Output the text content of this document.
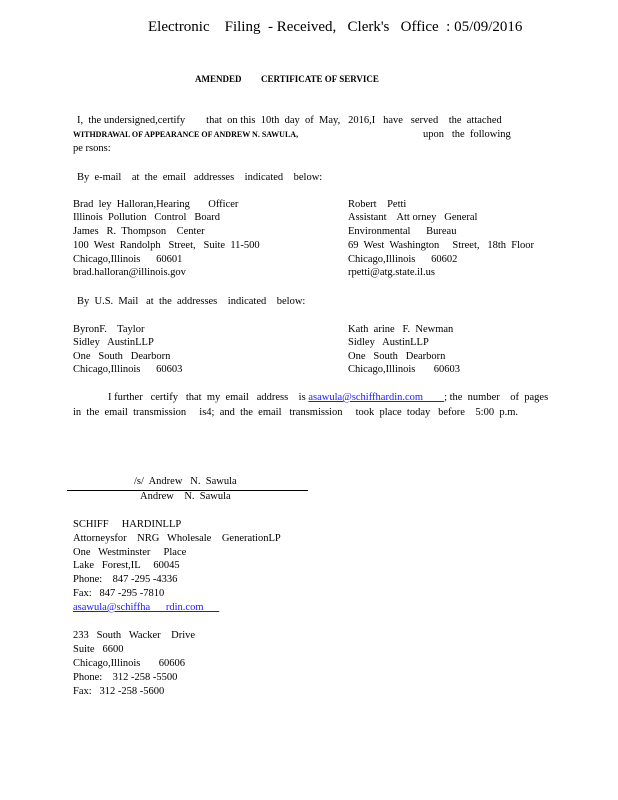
Electronic    Filing  - Received,   Clerk's   Office  : 05/09/2016
AMENDED CERTIFICATE OF SERVICE
I,  the undersigned,certify        that  on this  10th  day  of  May,   2016,I   have   served    the  attached
WITHDRAWAL OF APPEARANCE OF ANDREW N. SAWULA,	upon   the  following
pe rsons:
By  e-mail    at  the  email   addresses    indicated    below:
Brad  ley  Halloran,Hearing       Officer
Illinois  Pollution   Control   Board
James   R.  Thompson    Center
100  West  Randolph   Street,   Suite  11-500
Chicago,Illinois      60601
brad.halloran@illinois.gov
Robert    Petti
Assistant    Att orney   General
Environmental      Bureau
69  West  Washington     Street,   18th  Floor
Chicago,Illinois      60602
rpetti@atg.state.il.us
By  U.S.  Mail   at  the  addresses    indicated    below:
ByronF.    Taylor
Sidley   AustinLLP
One   South   Dearborn
Chicago,Illinois      60603
Kath  arine   F.  Newman
Sidley   AustinLLP
One   South   Dearborn
Chicago,Illinois       60603
I further   certify   that  my  email   address    is asawula@schiffhardin.com        ; the  number    of  pages
in  the  email  transmission     is4;  and  the  email   transmission     took  place  today   before    5:00  p.m.
/s/  Andrew   N.  Sawula
Andrew    N.  Sawula
SCHIFF     HARDINLLP
Attorneysfor    NRG   Wholesale    GenerationLP
One   Westminster     Place
Lake   Forest,IL     60045
Phone:    847 -295 -4336
Fax:   847 -295 -7810
asawula@schiffha      rdin.com
233   South   Wacker    Drive
Suite   6600
Chicago,Illinois       60606
Phone:    312 -258 -5500
Fax:   312 -258 -5600
